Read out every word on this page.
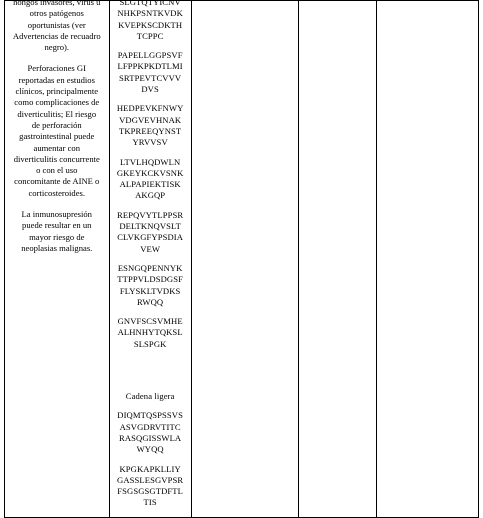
hongos invasores, virus u
otros patógenos
oportunistas (ver
Advertencias de recuadro
negro).

Perforaciones GI
reportadas en estudios
clínicos, principalmente
como complicaciones de
diverticulitis; El riesgo
de perforación
gastrointestinal puede
aumentar con
diverticulitis concurrente
o con el uso
concomitante de AINE o
corticosteroides.

La inmunosupresión
puede resultar en un
mayor riesgo de
neoplasias malignas.

SLGTQTYICNV
NHKPSNTKVDK
KVEPKSCDKTH
TCPPC
PAPELLGGPSVF
LFPPKPKDTLMI
SRTPEVTCVVV
DVS
HEDPEVKFNWY
VDGVEVHNAK
TKPREEQYNST
YRVVSV
LTVLHQDWLN
GKEYKCKVSNK
ALPAPIEKTISK
AKGQP
REPQVYTLPPSR
DELTKNQVSLT
CLVKGFYPSDIA
VEW
ESNGQPENNYK
TTPPVLDSDGSF
FLYSKLTVDKS
RWQQ
GNVFSCSVMHE
ALHNHYTQKSL
SLSPGK
Cadena ligera
DIQMTQSPSSVS
ASVGDRVTITC
RASQGISSWLA
WYQQ
KPGKAPKLLIY
GASSLESGVPSR
FSGSGSGTDFTL
TIS
